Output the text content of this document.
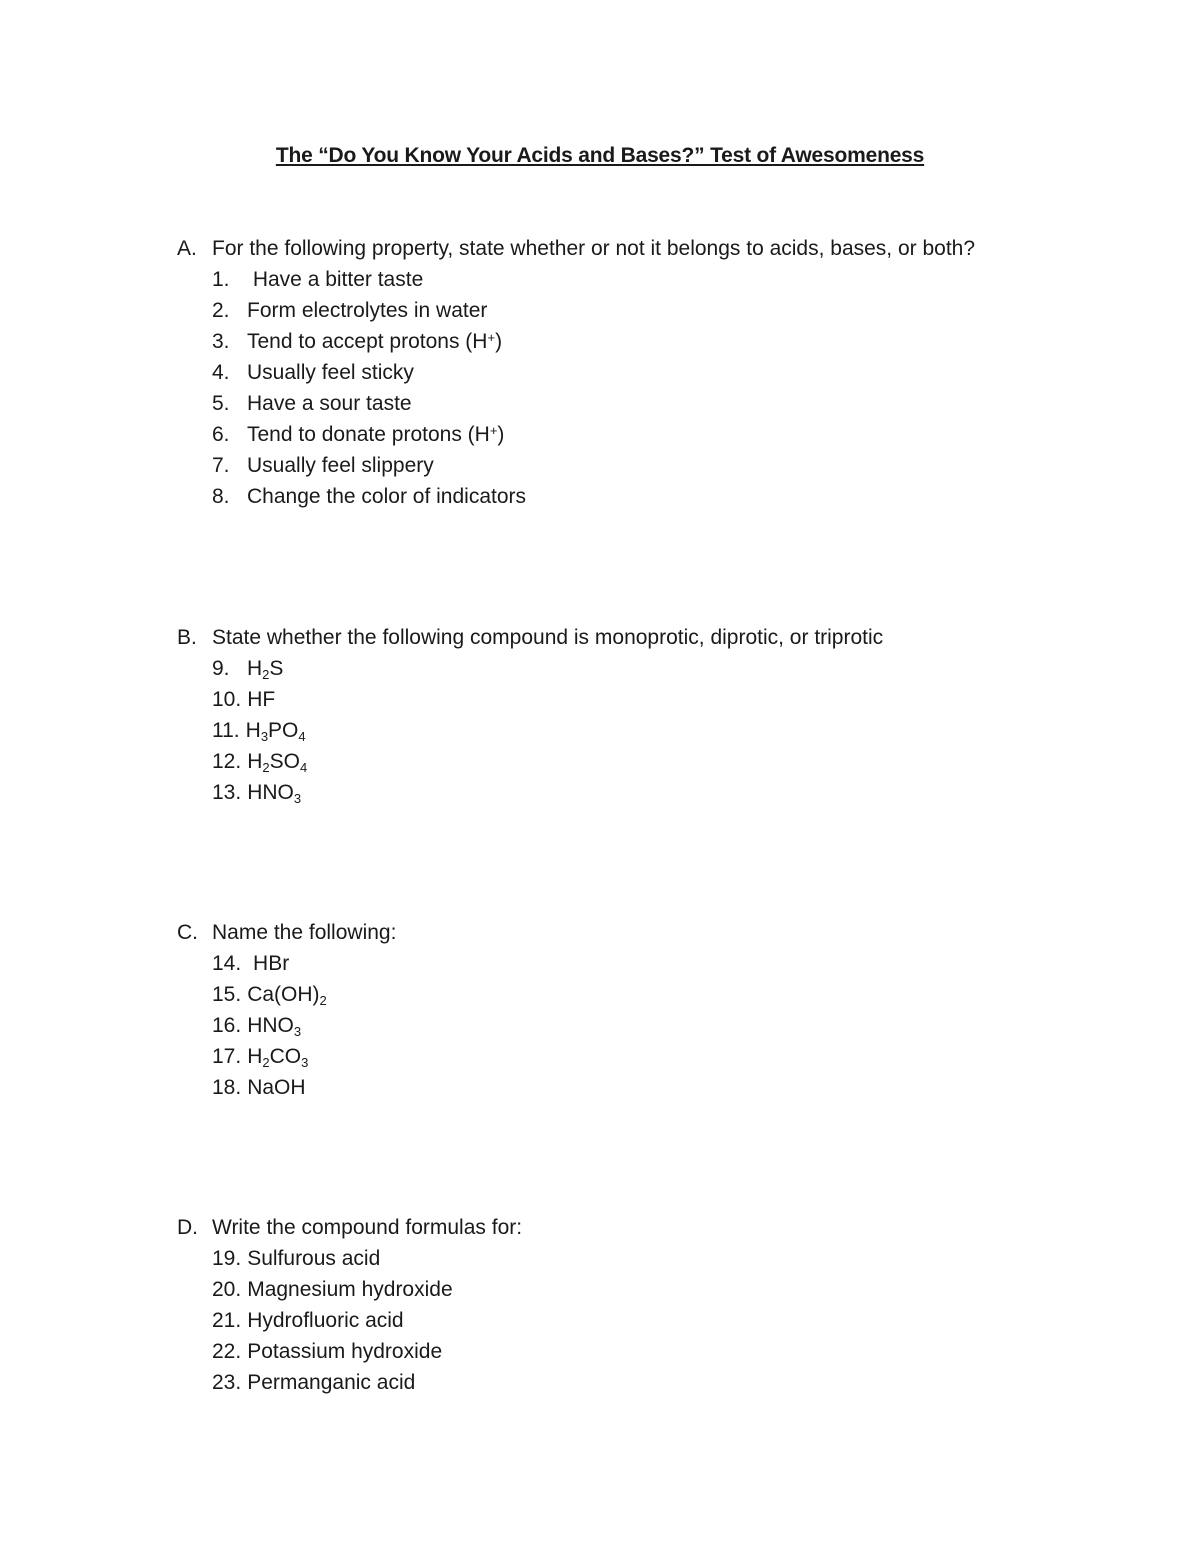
The “Do You Know Your Acids and Bases?” Test of Awesomeness
A. For the following property, state whether or not it belongs to acids, bases, or both?
1. Have a bitter taste
2. Form electrolytes in water
3. Tend to accept protons (H+)
4. Usually feel sticky
5. Have a sour taste
6. Tend to donate protons (H+)
7. Usually feel slippery
8. Change the color of indicators
B. State whether the following compound is monoprotic, diprotic, or triprotic
9. $H_2S$
10. HF
11. $H_3PO_4$
12. $H_2SO_4$
13. $HNO_3$
C. Name the following:
14. HBr
15. $Ca(OH)_2$
16. $HNO_3$
17. $H_2CO_3$
18. NaOH
D. Write the compound formulas for:
19. Sulfurous acid
20. Magnesium hydroxide
21. Hydrofluoric acid
22. Potassium hydroxide
23. Permanganic acid
